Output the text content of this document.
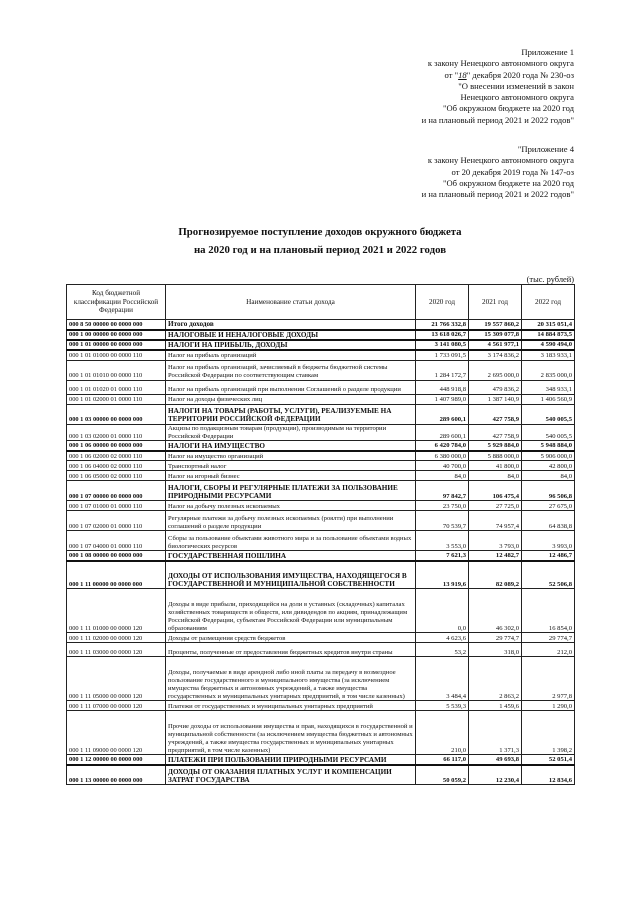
Приложение 1
к закону Ненецкого автономного округа
от "18" декабря 2020 года № 230-оз
"О внесении изменений в закон
Ненецкого автономного округа
"Об окружном бюджете на 2020 год
и на плановый период 2021 и 2022 годов"
"Приложение 4
к закону Ненецкого автономного округа
от 20 декабря 2019 года № 147-оз
"Об окружном бюджете на 2020 год
и на плановый период 2021 и 2022 годов"
Прогнозируемое поступление доходов окружного бюджета
на 2020 год и на плановый период 2021 и 2022 годов
(тыс. рублей)
Код бюджетной классификации Российской Федерации	Наименование статьи дохода	2020 год	2021 год	2022 год
000 8 50 00000 00 0000 000	Итого доходов	21 766 332,8	19 557 860,2	20 315 051,4
000 1 00 00000 00 0000 000	НАЛОГОВЫЕ И НЕНАЛОГОВЫЕ ДОХОДЫ	13 618 026,7	15 309 077,8	14 884 873,5
000 1 01 00000 00 0000 000	НАЛОГИ НА ПРИБЫЛЬ, ДОХОДЫ	3 141 080,5	4 561 977,1	4 590 494,0
000 1 01 01000 00 0000 110	Налог на прибыль организаций	1 733 091,5	3 174 836,2	3 183 933,1
000 1 01 01010 00 0000 110	Налог на прибыль организаций, зачисляемый в бюджеты бюджетной системы Российской Федерации по соответствующим ставкам	1 284 172,7	2 695 000,0	2 835 000,0
000 1 01 01020 01 0000 110	Налог на прибыль организаций при выполнении Соглашений о разделе продукции	448 918,8	479 836,2	348 933,1
000 1 01 02000 01 0000 110	Налог на доходы физических лиц	1 407 989,0	1 387 140,9	1 406 560,9
000 1 03 00000 00 0000 000	НАЛОГИ НА ТОВАРЫ (РАБОТЫ, УСЛУГИ), РЕАЛИЗУЕМЫЕ НА ТЕРРИТОРИИ РОССИЙСКОЙ ФЕДЕРАЦИИ	289 600,1	427 758,9	540 005,5
000 1 03 02000 01 0000 110	Акцизы по подакцизным товарам (продукции), производимым на территории Российской Федерации	289 600,1	427 758,9	540 005,5
000 1 06 00000 00 0000 000	НАЛОГИ НА ИМУЩЕСТВО	6 420 784,0	5 929 884,0	5 948 884,0
000 1 06 02000 02 0000 110	Налог на имущество организаций	6 380 000,0	5 888 000,0	5 906 000,0
000 1 06 04000 02 0000 110	Транспортный налог	40 700,0	41 800,0	42 800,0
000 1 06 05000 02 0000 110	Налог на игорный бизнес	84,0	84,0	84,0
000 1 07 00000 00 0000 000	НАЛОГИ, СБОРЫ И РЕГУЛЯРНЫЕ ПЛАТЕЖИ ЗА ПОЛЬЗОВАНИЕ ПРИРОДНЫМИ РЕСУРСАМИ	97 842,7	106 475,4	96 506,8
000 1 07 01000 01 0000 110	Налог на добычу полезных ископаемых	23 750,0	27 725,0	27 675,0
000 1 07 02000 01 0000 110	Регулярные платежи за добычу полезных ископаемых (роялти) при выполнении соглашений о разделе продукции	70 539,7	74 957,4	64 838,8
000 1 07 04000 01 0000 110	Сборы за пользование объектами животного мира и за пользование объектами водных биологических ресурсов	3 553,0	3 793,0	3 993,0
000 1 08 00000 00 0000 000	ГОСУДАРСТВЕННАЯ ПОШЛИНА	7 621,3	12 482,7	12 486,7
000 1 11 00000 00 0000 000	ДОХОДЫ ОТ ИСПОЛЬЗОВАНИЯ ИМУЩЕСТВА, НАХОДЯЩЕГОСЯ В ГОСУДАРСТВЕННОЙ И МУНИЦИПАЛЬНОЙ СОБСТВЕННОСТИ	13 919,6	82 089,2	52 506,8
000 1 11 01000 00 0000 120	Доходы в виде прибыли, приходящейся на доли в уставных (складочных) капиталах хозяйственных товариществ и обществ, или дивидендов по акциям, принадлежащим Российской Федерации, субъектам Российской Федерации или муниципальным образованиям	0,0	46 302,0	16 854,0
000 1 11 02000 00 0000 120	Доходы от размещения средств бюджетов	4 623,6	29 774,7	29 774,7
000 1 11 03000 00 0000 120	Проценты, полученные от предоставления бюджетных кредитов внутри страны	53,2	318,0	212,0
000 1 11 05000 00 0000 120	Доходы, получаемые в виде арендной либо иной платы за передачу в возмездное пользование государственного и муниципального имущества (за исключением имущества бюджетных и автономных учреждений, а также имущества государственных и муниципальных унитарных предприятий, в том числе казенных)	3 484,4	2 863,2	2 977,8
000 1 11 07000 00 0000 120	Платежи от государственных и муниципальных унитарных предприятий	5 539,3	1 459,6	1 290,0
000 1 11 09000 00 0000 120	Прочие доходы от использования имущества и прав, находящихся в государственной и муниципальной собственности (за исключением имущества бюджетных и автономных учреждений, а также имущества государственных и муниципальных унитарных предприятий, в том числе казенных)	210,0	1 371,3	1 398,2
000 1 12 00000 00 0000 000	ПЛАТЕЖИ ПРИ ПОЛЬЗОВАНИИ ПРИРОДНЫМИ РЕСУРСАМИ	66 117,0	49 693,8	52 051,4
000 1 13 00000 00 0000 000	ДОХОДЫ ОТ ОКАЗАНИЯ ПЛАТНЫХ УСЛУГ И КОМПЕНСАЦИИ ЗАТРАТ ГОСУДАРСТВА	50 059,2	12 230,4	12 834,6
